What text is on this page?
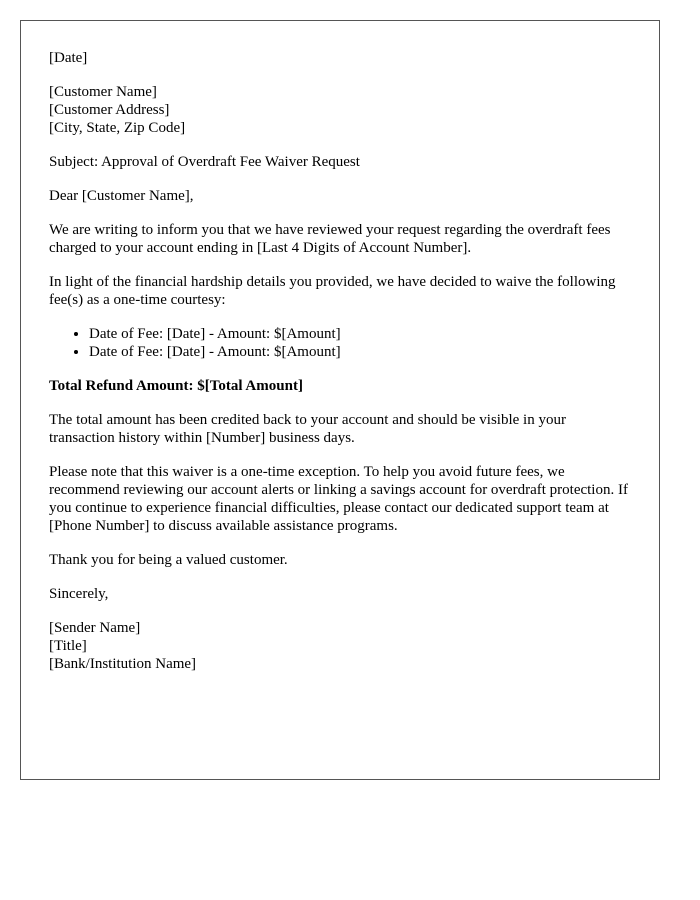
[Date]

[Customer Name]
[Customer Address]
[City, State, Zip Code]

Subject: Approval of Overdraft Fee Waiver Request

Dear [Customer Name],

We are writing to inform you that we have reviewed your request regarding the overdraft fees charged to your account ending in [Last 4 Digits of Account Number].

In light of the financial hardship details you provided, we have decided to waive the following fee(s) as a one-time courtesy:

• Date of Fee: [Date] - Amount: $[Amount]
• Date of Fee: [Date] - Amount: $[Amount]

Total Refund Amount: $[Total Amount]

The total amount has been credited back to your account and should be visible in your transaction history within [Number] business days.

Please note that this waiver is a one-time exception. To help you avoid future fees, we recommend reviewing our account alerts or linking a savings account for overdraft protection. If you continue to experience financial difficulties, please contact our dedicated support team at [Phone Number] to discuss available assistance programs.

Thank you for being a valued customer.

Sincerely,

[Sender Name]
[Title]
[Bank/Institution Name]
